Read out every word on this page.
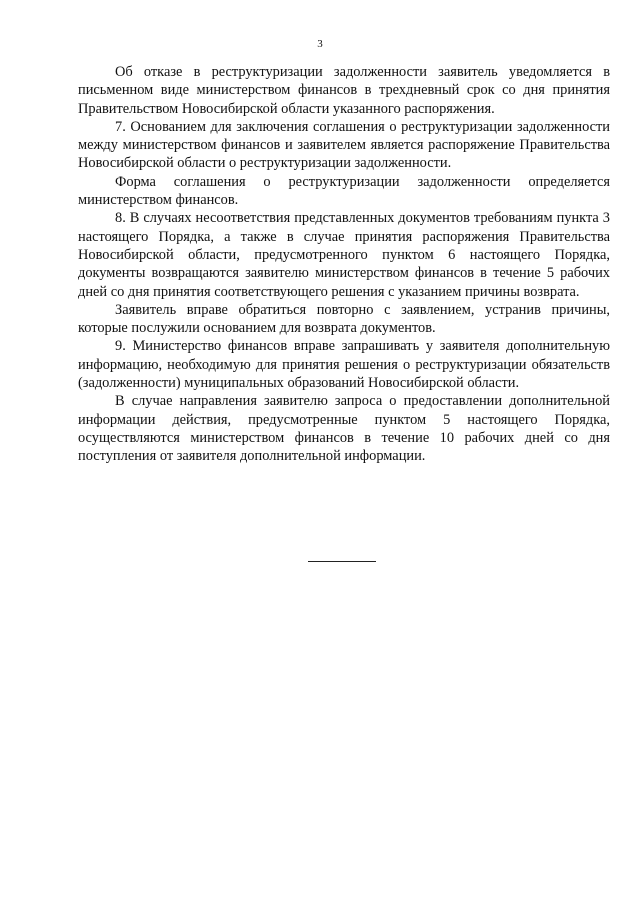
3

Об отказе в реструктуризации задолженности заявитель уведомляется в письменном виде министерством финансов в трехдневный срок со дня принятия Правительством Новосибирской области указанного распоряжения.

7. Основанием для заключения соглашения о реструктуризации задолженности между министерством финансов и заявителем является распоряжение Правительства Новосибирской области о реструктуризации задолженности.

Форма соглашения о реструктуризации задолженности определяется министерством финансов.

8. В случаях несоответствия представленных документов требованиям пункта 3 настоящего Порядка, а также в случае принятия распоряжения Правительства Новосибирской области, предусмотренного пунктом 6 настоящего Порядка, документы возвращаются заявителю министерством финансов в течение 5 рабочих дней со дня принятия соответствующего решения с указанием причины возврата.

Заявитель вправе обратиться повторно с заявлением, устранив причины, которые послужили основанием для возврата документов.

9. Министерство финансов вправе запрашивать у заявителя дополнительную информацию, необходимую для принятия решения о реструктуризации обязательств (задолженности) муниципальных образований Новосибирской области.

В случае направления заявителю запроса о предоставлении дополнительной информации действия, предусмотренные пунктом 5 настоящего Порядка, осуществляются министерством финансов в течение 10 рабочих дней со дня поступления от заявителя дополнительной информации.
